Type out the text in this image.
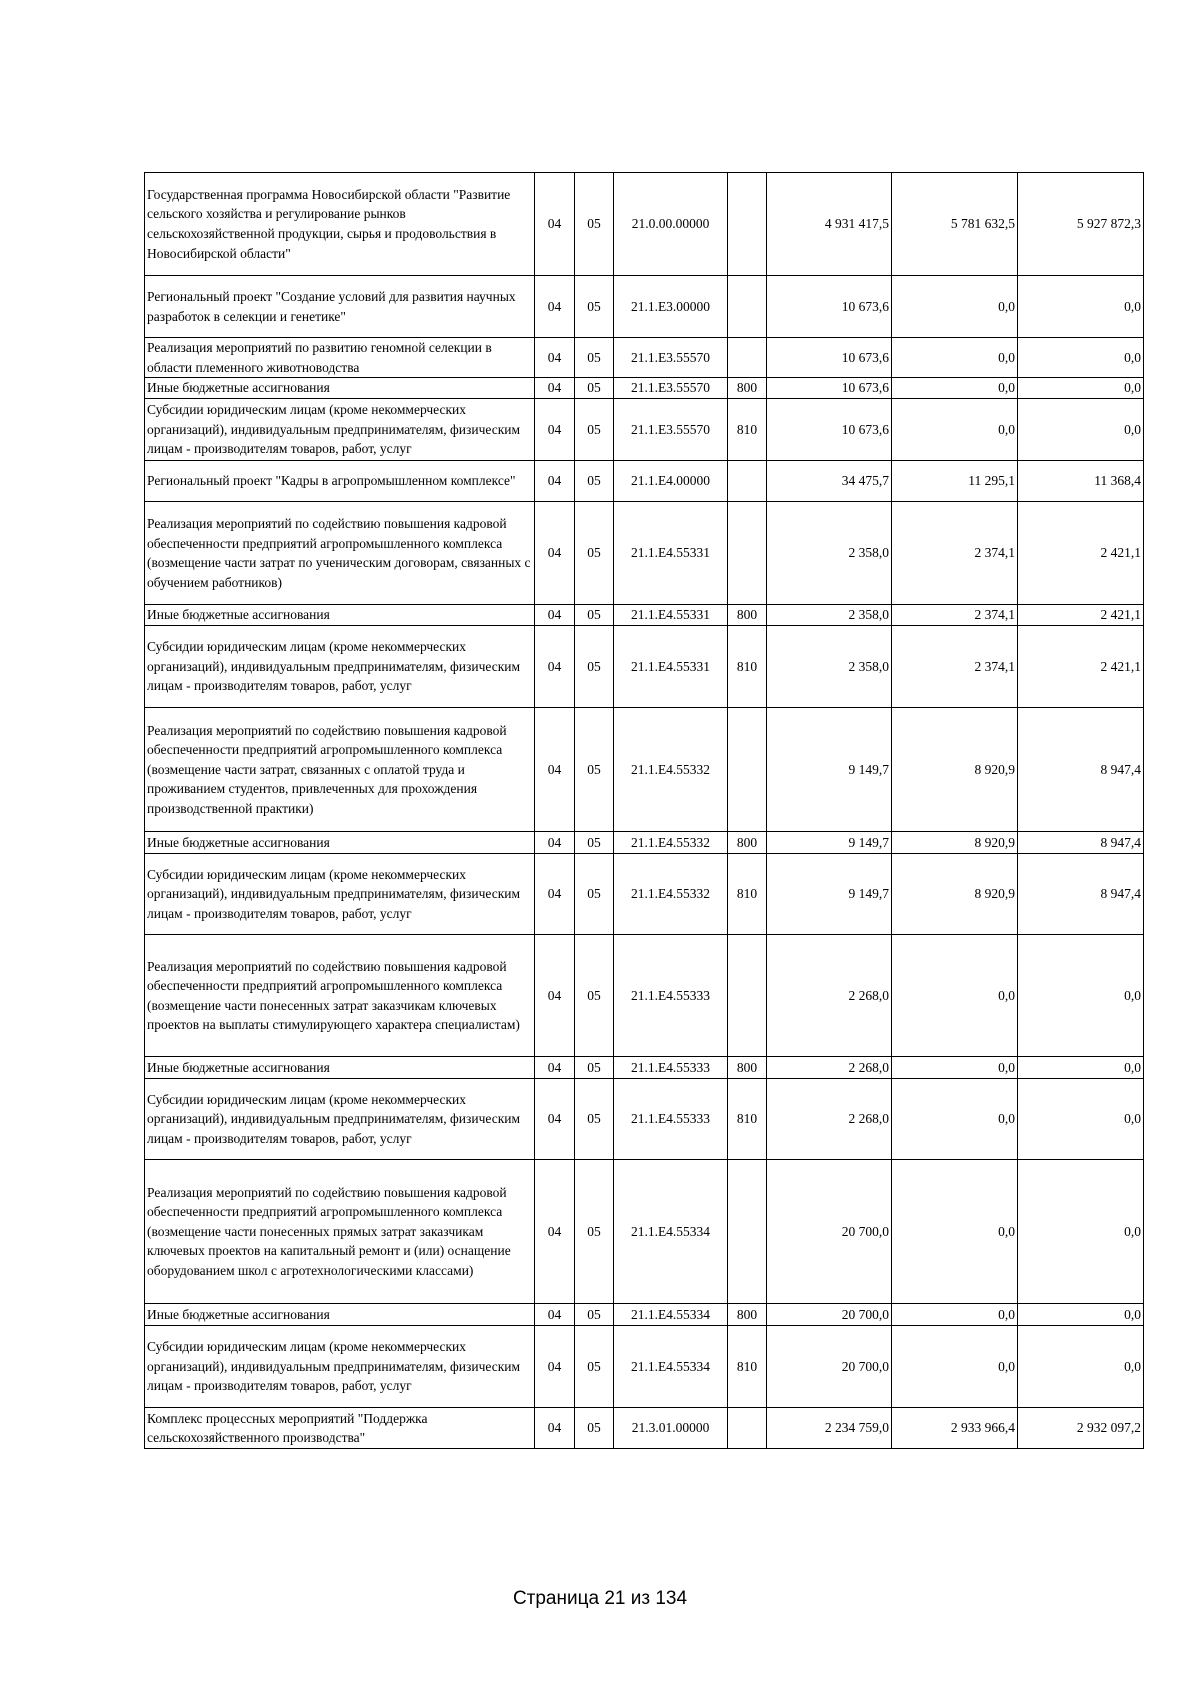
Государственная программа Новосибирской области "Развитие сельского хозяйства и регулирование рынков сельскохозяйственной продукции, сырья и продовольствия в Новосибирской области"	04	05	21.0.00.00000		4 931 417,5	5 781 632,5	5 927 872,3
Региональный проект "Создание условий для развития научных разработок в селекции и генетике"	04	05	21.1.E3.00000		10 673,6	0,0	0,0
Реализация мероприятий по развитию геномной селекции в области племенного животноводства	04	05	21.1.E3.55570		10 673,6	0,0	0,0
Иные бюджетные ассигнования	04	05	21.1.E3.55570	800	10 673,6	0,0	0,0
Субсидии юридическим лицам (кроме некоммерческих организаций), индивидуальным предпринимателям, физическим лицам - производителям товаров, работ, услуг	04	05	21.1.E3.55570	810	10 673,6	0,0	0,0
Региональный проект "Кадры в агропромышленном комплексе"	04	05	21.1.E4.00000		34 475,7	11 295,1	11 368,4
Реализация мероприятий по содействию повышения кадровой обеспеченности предприятий агропромышленного комплекса (возмещение части затрат по ученическим договорам, связанных с обучением работников)	04	05	21.1.E4.55331		2 358,0	2 374,1	2 421,1
Иные бюджетные ассигнования	04	05	21.1.E4.55331	800	2 358,0	2 374,1	2 421,1
Субсидии юридическим лицам (кроме некоммерческих организаций), индивидуальным предпринимателям, физическим лицам - производителям товаров, работ, услуг	04	05	21.1.E4.55331	810	2 358,0	2 374,1	2 421,1
Реализация мероприятий по содействию повышения кадровой обеспеченности предприятий агропромышленного комплекса (возмещение части затрат, связанных с оплатой труда и проживанием студентов, привлеченных для прохождения производственной практики)	04	05	21.1.E4.55332		9 149,7	8 920,9	8 947,4
Иные бюджетные ассигнования	04	05	21.1.E4.55332	800	9 149,7	8 920,9	8 947,4
Субсидии юридическим лицам (кроме некоммерческих организаций), индивидуальным предпринимателям, физическим лицам - производителям товаров, работ, услуг	04	05	21.1.E4.55332	810	9 149,7	8 920,9	8 947,4
Реализация мероприятий по содействию повышения кадровой обеспеченности предприятий агропромышленного комплекса (возмещение части понесенных затрат заказчикам ключевых проектов на выплаты стимулирующего характера специалистам)	04	05	21.1.E4.55333		2 268,0	0,0	0,0
Иные бюджетные ассигнования	04	05	21.1.E4.55333	800	2 268,0	0,0	0,0
Субсидии юридическим лицам (кроме некоммерческих организаций), индивидуальным предпринимателям, физическим лицам - производителям товаров, работ, услуг	04	05	21.1.E4.55333	810	2 268,0	0,0	0,0
Реализация мероприятий по содействию повышения кадровой обеспеченности предприятий агропромышленного комплекса (возмещение части понесенных прямых затрат заказчикам ключевых проектов на капитальный ремонт и (или) оснащение оборудованием школ с агротехнологическими классами)	04	05	21.1.E4.55334		20 700,0	0,0	0,0
Иные бюджетные ассигнования	04	05	21.1.E4.55334	800	20 700,0	0,0	0,0
Субсидии юридическим лицам (кроме некоммерческих организаций), индивидуальным предпринимателям, физическим лицам - производителям товаров, работ, услуг	04	05	21.1.E4.55334	810	20 700,0	0,0	0,0
Комплекс процессных мероприятий "Поддержка сельскохозяйственного производства"	04	05	21.3.01.00000		2 234 759,0	2 933 966,4	2 932 097,2
Страница 21 из 134
